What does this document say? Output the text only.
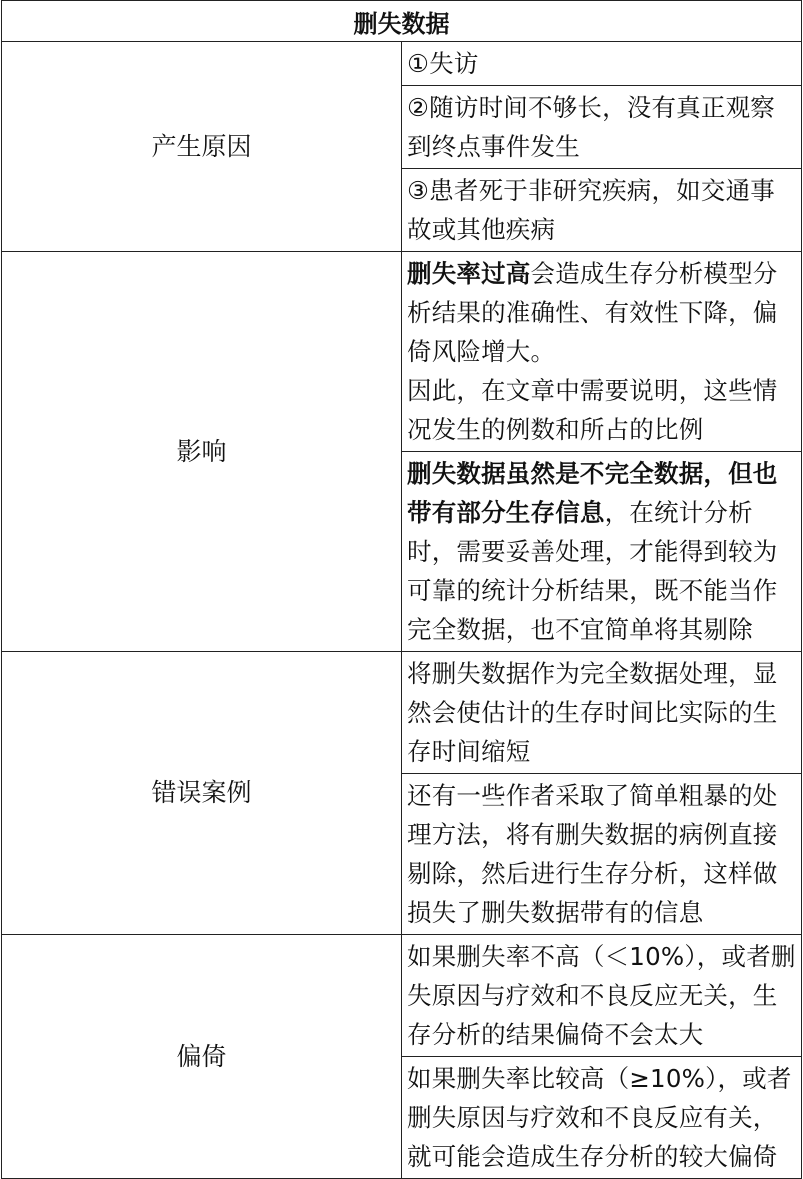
删失数据	
产生原因	①失访
	②随访时间不够长，没有真正观察到终点事件发生
	③患者死于非研究疾病，如交通事故或其他疾病
影响	删失率过高会造成生存分析模型分析结果的准确性、有效性下降，偏倚风险增大。
因此，在文章中需要说明，这些情况发生的例数和所占的比例

	删失数据虽然是不完全数据，但也带有部分生存信息，在统计分析时，需要妥善处理，才能得到较为可靠的统计分析结果，既不能当作完全数据，也不宜简单将其剔除
错误案例	将删失数据作为完全数据处理，显然会使估计的生存时间比实际的生存时间缩短
	还有一些作者采取了简单粗暴的处理方法，将有删失数据的病例直接剔除，然后进行生存分析，这样做损失了删失数据带有的信息
偏倚	如果删失率不高（＜10%），或者删失原因与疗效和不良反应无关，生存分析的结果偏倚不会太大
	如果删失率比较高（≥10%），或者删失原因与疗效和不良反应有关，就可能会造成生存分析的较大偏倚
